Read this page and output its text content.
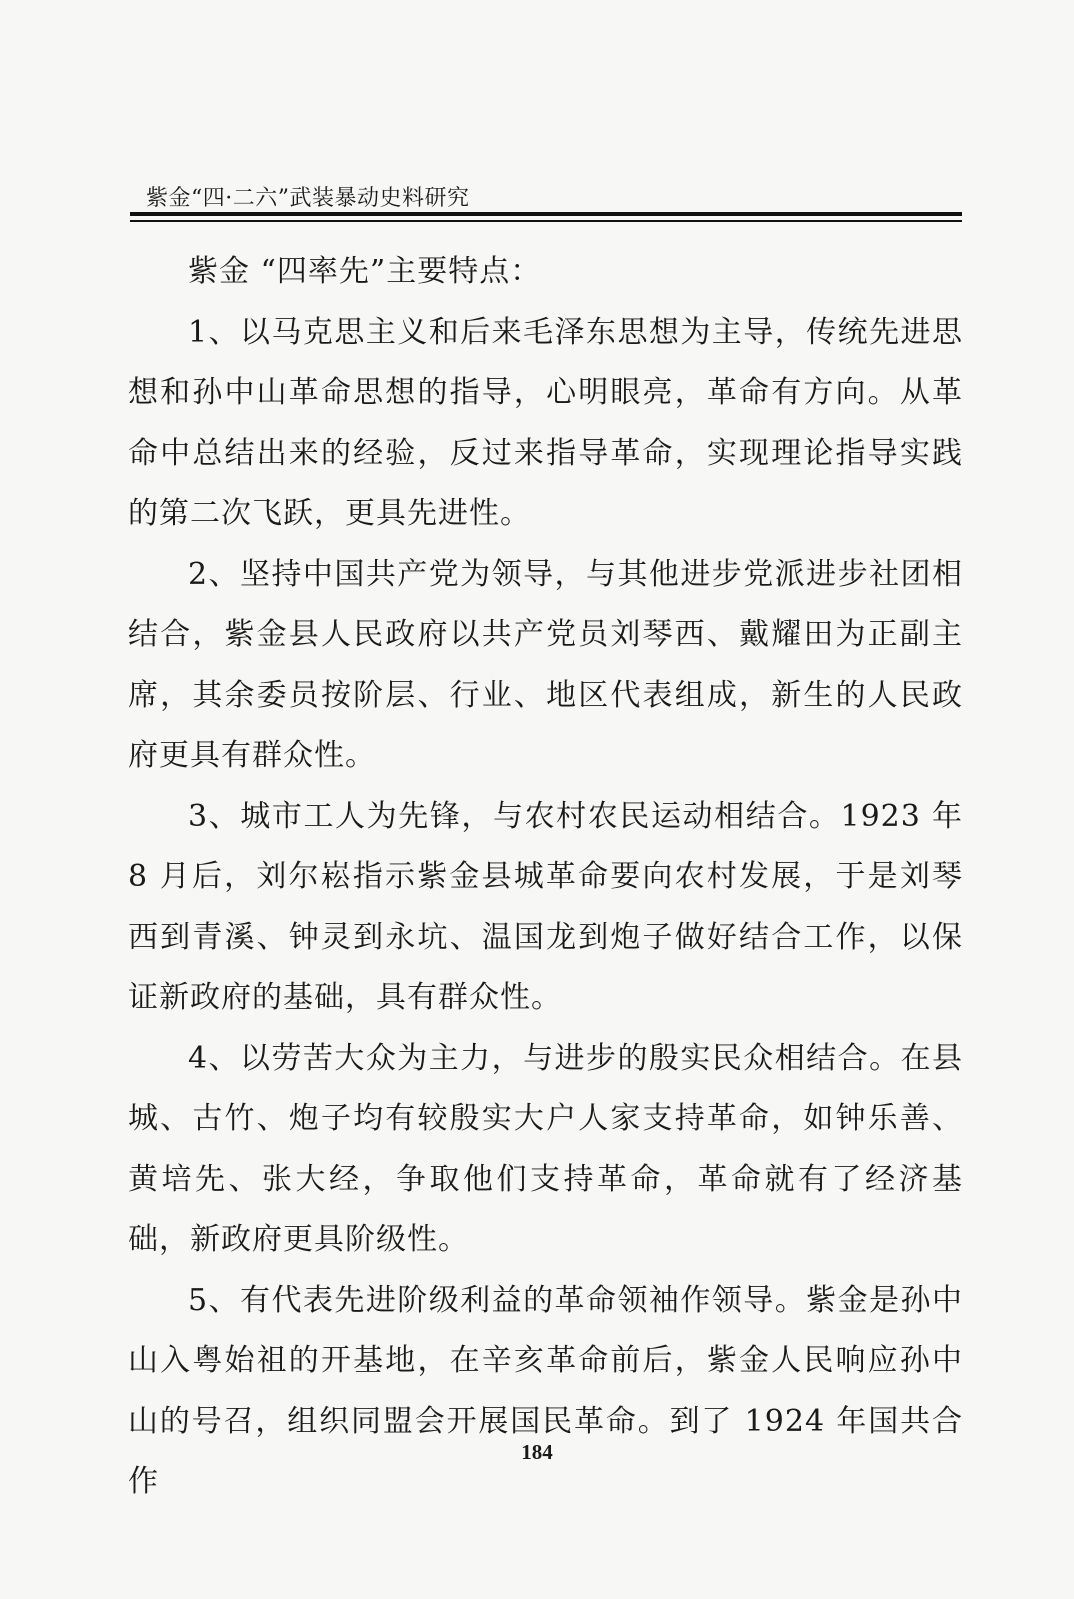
紫金“四·二六”武装暴动史料研究

紫金 “四率先”主要特点：

1、以马克思主义和后来毛泽东思想为主导，传统先进思想和孙中山革命思想的指导，心明眼亮，革命有方向。从革命中总结出来的经验，反过来指导革命，实现理论指导实践的第二次飞跃，更具先进性。

2、坚持中国共产党为领导，与其他进步党派进步社团相结合，紫金县人民政府以共产党员刘琴西、戴耀田为正副主席，其余委员按阶层、行业、地区代表组成，新生的人民政府更具有群众性。

3、城市工人为先锋，与农村农民运动相结合。1923 年 8 月后，刘尔崧指示紫金县城革命要向农村发展，于是刘琴西到青溪、钟灵到永坑、温国龙到炮子做好结合工作，以保证新政府的基础，具有群众性。

4、以劳苦大众为主力，与进步的殷实民众相结合。在县城、古竹、炮子均有较殷实大户人家支持革命，如钟乐善、黄培先、张大经，争取他们支持革命，革命就有了经济基础，新政府更具阶级性。

5、有代表先进阶级利益的革命领袖作领导。紫金是孙中山入粤始祖的开基地，在辛亥革命前后，紫金人民响应孙中山的号召，组织同盟会开展国民革命。到了 1924 年国共合作

184
